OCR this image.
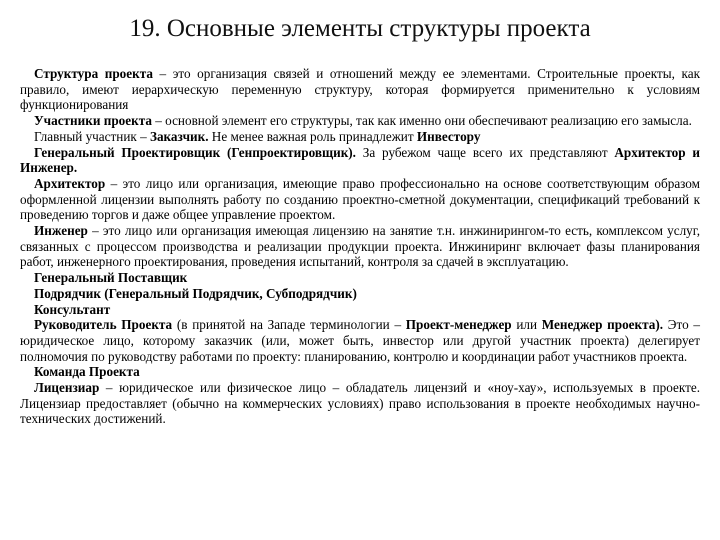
19. Основные элементы структуры проекта

Структура проекта – это организация связей и отношений между ее элементами. Строительные проекты, как правило, имеют иерархическую переменную структуру, которая формируется применительно к условиям функционирования

Участники проекта – основной элемент его структуры, так как именно они обеспечивают реализацию его замысла.

Главный участник – Заказчик. Не менее важная роль принадлежит Инвестору

Генеральный Проектировщик (Генпроектировщик). За рубежом чаще всего их представляют Архитектор и Инженер.

Архитектор – это лицо или организация, имеющие право профессионально на основе соответствующим образом оформленной лицензии выполнять работу по созданию проектно-сметной документации, спецификаций требований к проведению торгов и даже общее управление проектом.

Инженер – это лицо или организация имеющая лицензию на занятие т.н. инжинирингом-то есть, комплексом услуг, связанных с процессом производства и реализации продукции проекта. Инжиниринг включает фазы планирования работ, инженерного проектирования, проведения испытаний, контроля за сдачей в эксплуатацию.

Генеральный Поставщик

Подрядчик (Генеральный Подрядчик, Субподрядчик)

Консультант

Руководитель Проекта (в принятой на Западе терминологии – Проект-менеджер или Менеджер проекта). Это – юридическое лицо, которому заказчик (или, может быть, инвестор или другой участник проекта) делегирует полномочия по руководству работами по проекту: планированию, контролю и координации работ участников проекта.

Команда Проекта

Лицензиар – юридическое или физическое лицо – обладатель лицензий и «ноу-хау», используемых в проекте. Лицензиар предоставляет (обычно на коммерческих условиях) право использования в проекте необходимых научно-технических достижений.
